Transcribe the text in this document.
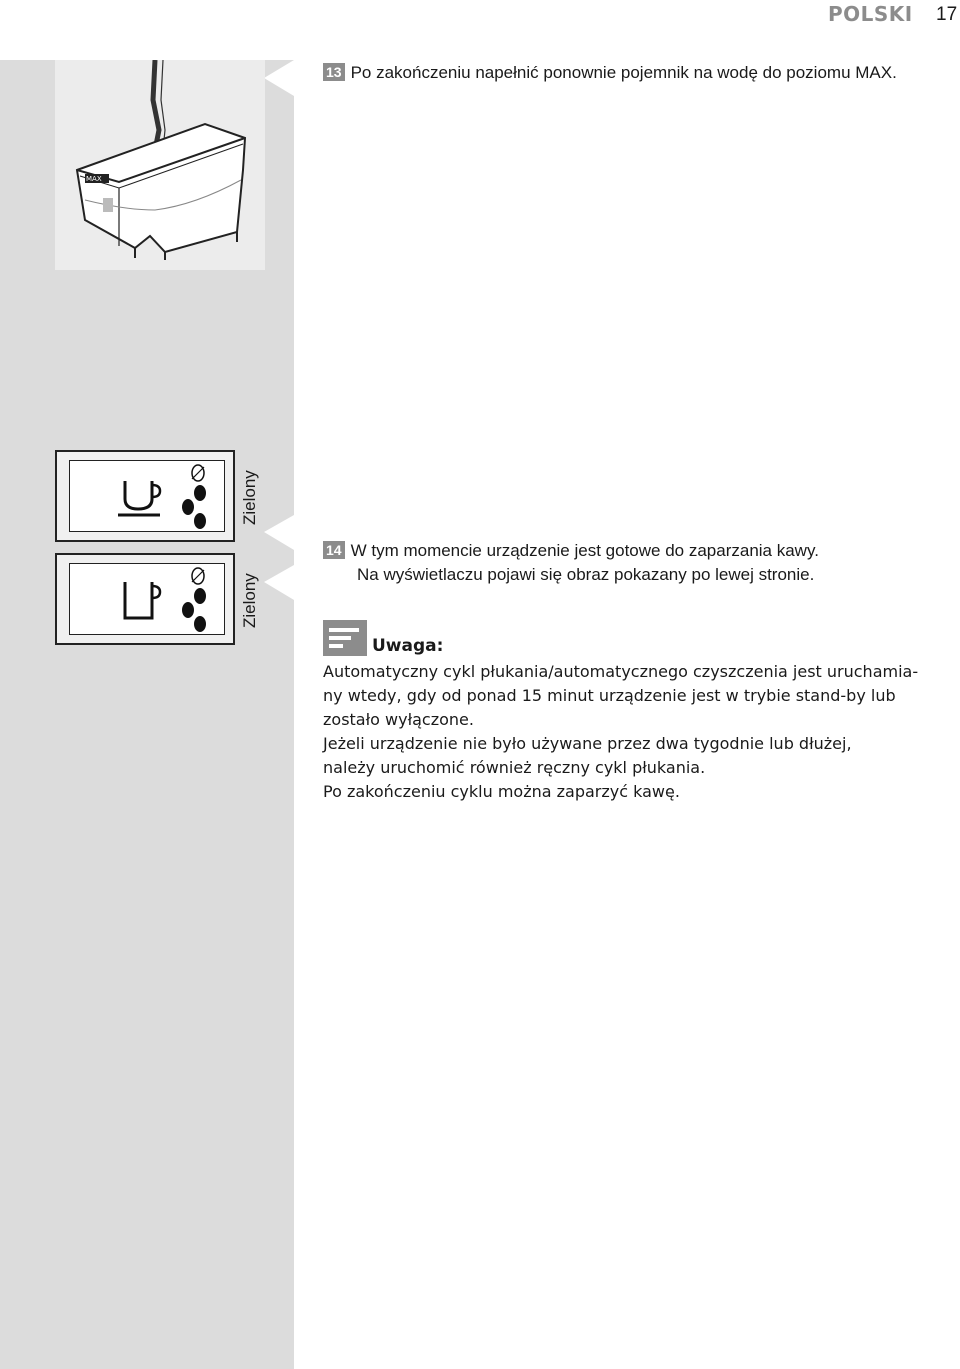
POLSKI 17
MAX
Zielony
Zielony
13 Po zakończeniu napełnić ponownie pojemnik na wodę do poziomu MAX.
14 W tym momencie urządzenie jest gotowe do zaparzania kawy.
Na wyświetlaczu pojawi się obraz pokazany po lewej stronie.
Uwaga:

Automatyczny cykl płukania/automatycznego czyszczenia jest uruchamia-

ny wtedy, gdy od ponad 15 minut urządzenie jest w trybie stand-by lub

zostało wyłączone.

Jeżeli urządzenie nie było używane przez dwa tygodnie lub dłużej,

należy uruchomić również ręczny cykl płukania.

Po zakończeniu cyklu można zaparzyć kawę.
